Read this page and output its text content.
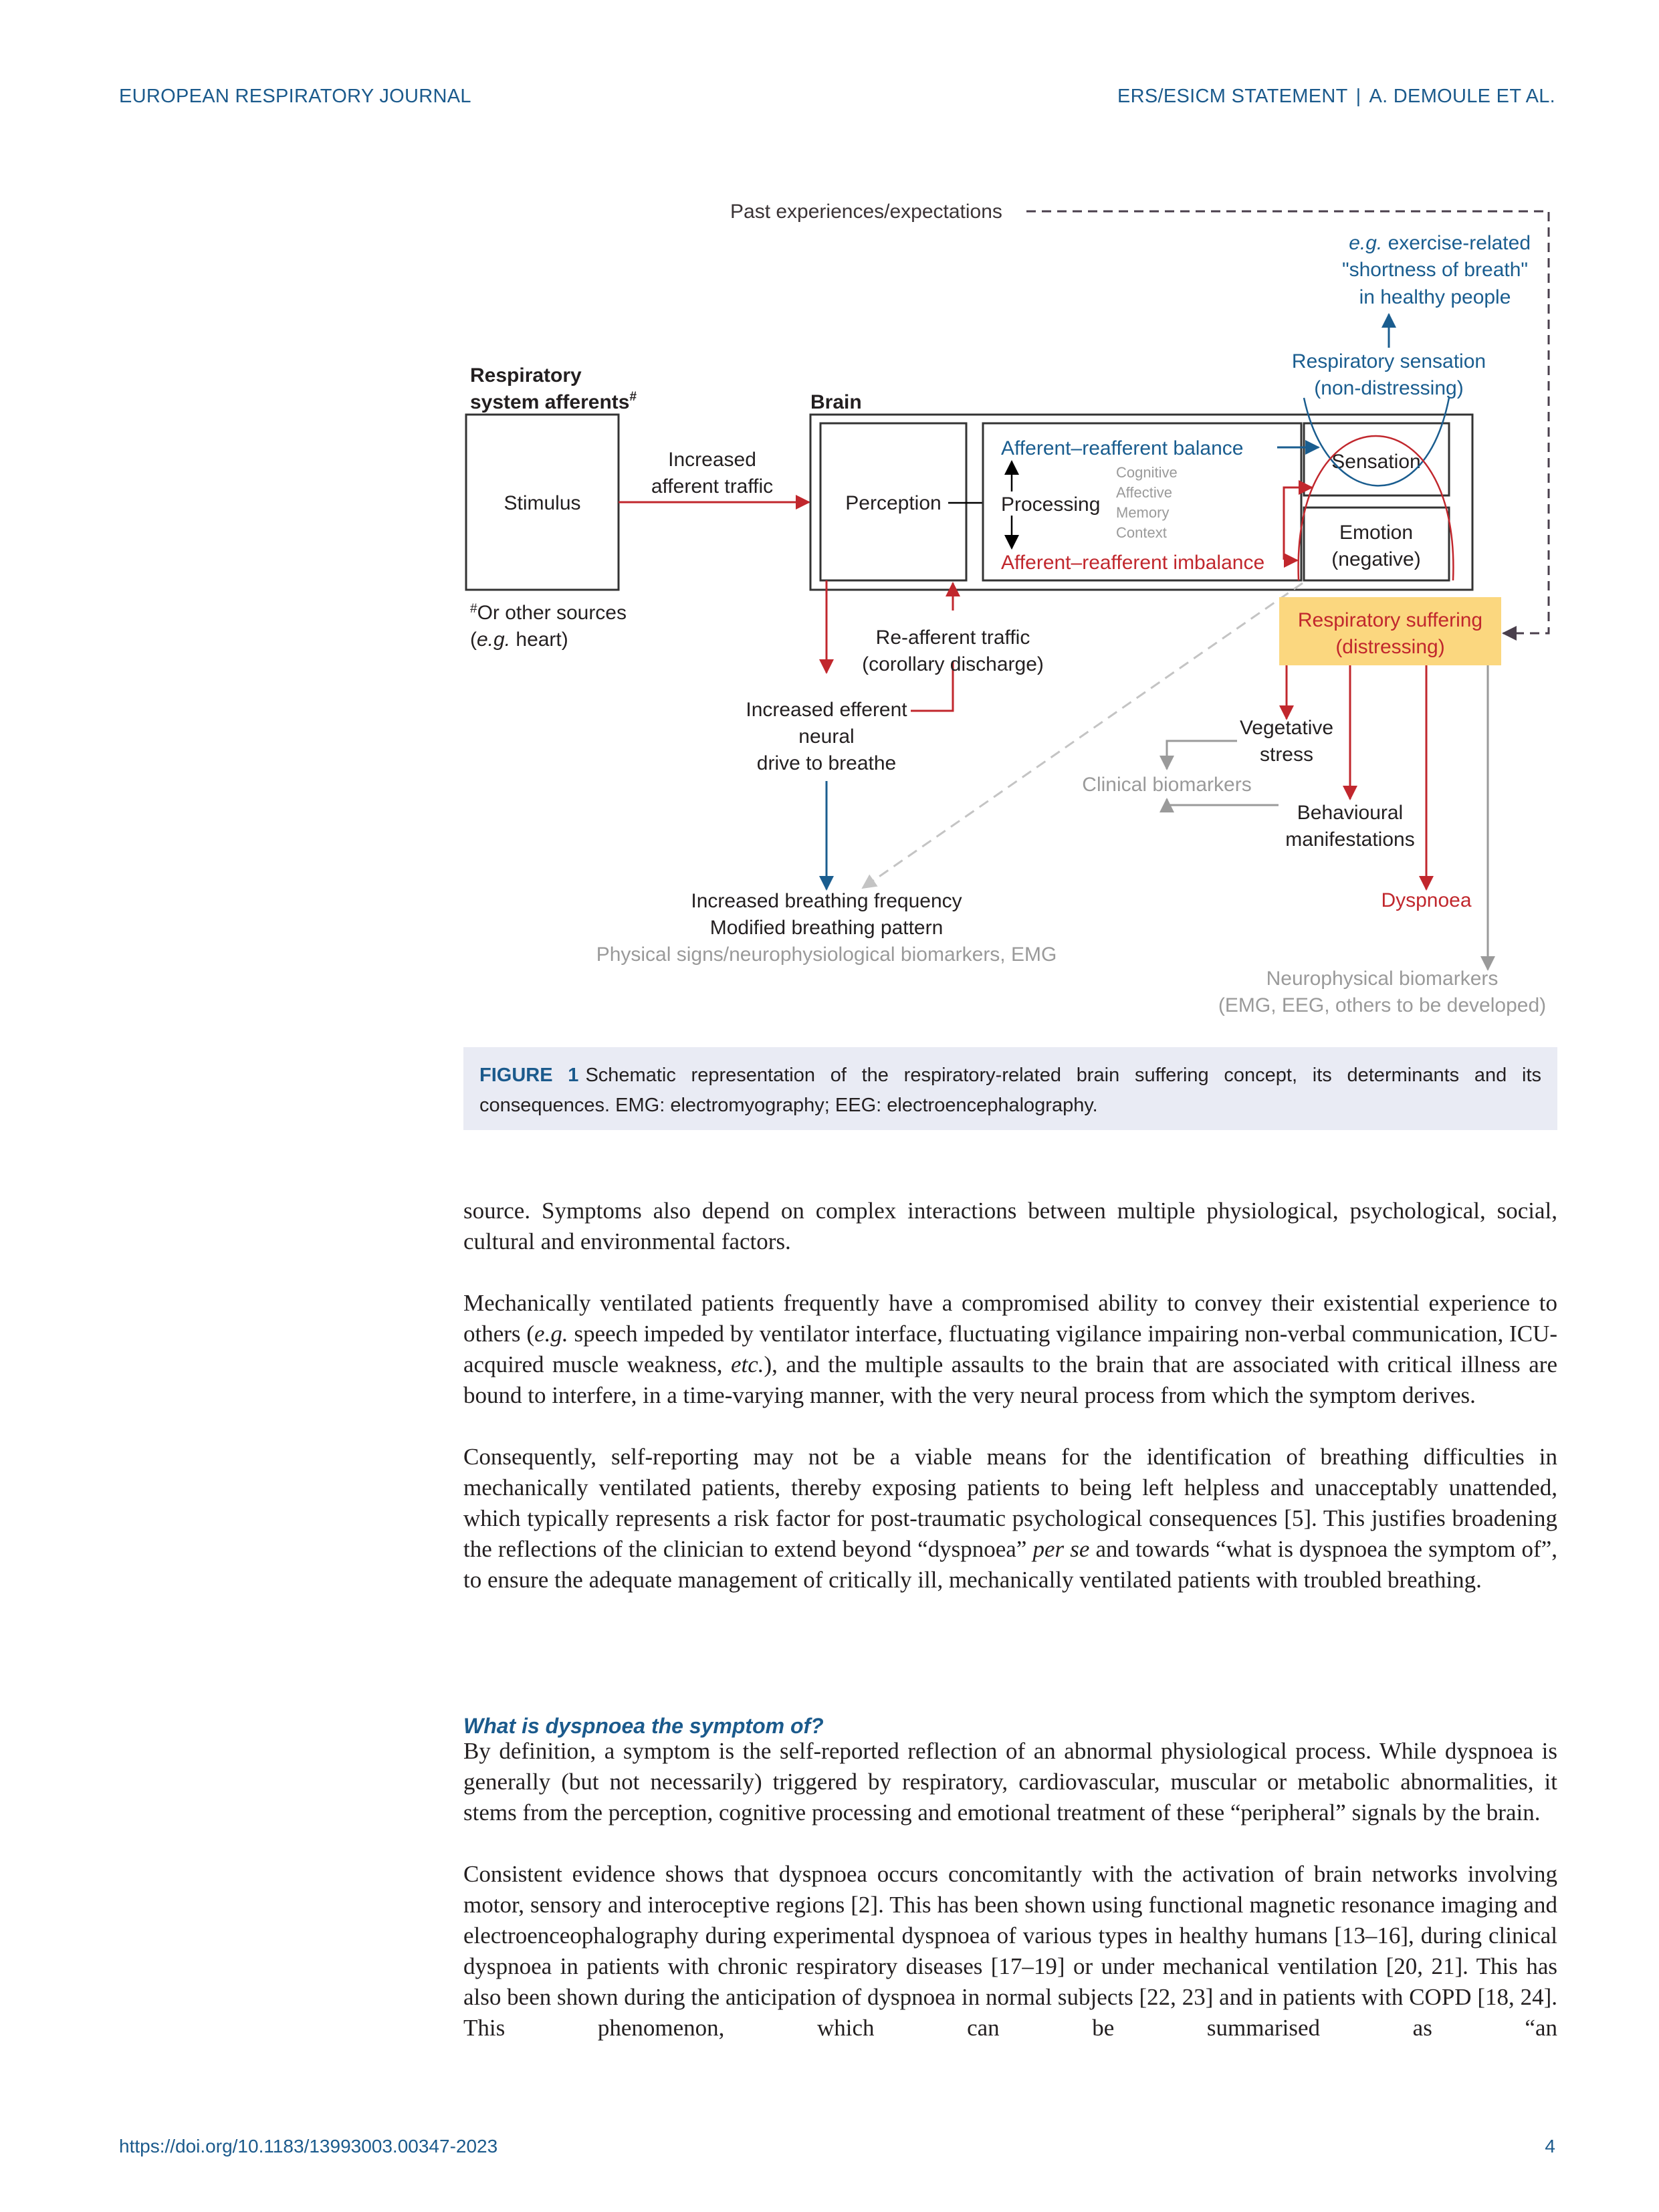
EUROPEAN RESPIRATORY JOURNAL	ERS/ESICM STATEMENT | A. DEMOULE ET AL.
Past experiences/expectations
e.g. exercise-related
"shortness of breath"
in healthy people
Respiratory sensation
(non-distressing)
Respiratory
system afferents#	Brain
Stimulus
Increased
afferent traffic
Perception
Afferent–reafferent balance
Processing
Cognitive
Affective
Memory
Context
Afferent–reafferent imbalance
Sensation
Emotion
(negative)
#Or other sources
(e.g. heart)
Increased efferent
neural
drive to breathe
Re-afferent traffic
(corollary discharge)
Increased breathing frequency
Modified breathing pattern
Physical signs/neurophysiological biomarkers, EMG
Respiratory suffering
(distressing)
Vegetative
stress
Clinical biomarkers
Behavioural
manifestations
Dyspnoea
Neurophysical biomarkers
(EMG, EEG, others to be developed)
FIGURE 1 Schematic representation of the respiratory-related brain suffering concept, its determinants and its consequences. EMG: electromyography; EEG: electroencephalography.

source. Symptoms also depend on complex interactions between multiple physiological, psychological, social, cultural and environmental factors.

Mechanically ventilated patients frequently have a compromised ability to convey their existential experience to others (e.g. speech impeded by ventilator interface, fluctuating vigilance impairing non-verbal communication, ICU-acquired muscle weakness, etc.), and the multiple assaults to the brain that are associated with critical illness are bound to interfere, in a time-varying manner, with the very neural process from which the symptom derives.

Consequently, self-reporting may not be a viable means for the identification of breathing difficulties in mechanically ventilated patients, thereby exposing patients to being left helpless and unacceptably unattended, which typically represents a risk factor for post-traumatic psychological consequences [5]. This justifies broadening the reflections of the clinician to extend beyond “dyspnoea” per se and towards “what is dyspnoea the symptom of”, to ensure the adequate management of critically ill, mechanically ventilated patients with troubled breathing.

What is dyspnoea the symptom of?

By definition, a symptom is the self-reported reflection of an abnormal physiological process. While dyspnoea is generally (but not necessarily) triggered by respiratory, cardiovascular, muscular or metabolic abnormalities, it stems from the perception, cognitive processing and emotional treatment of these “peripheral” signals by the brain.

Consistent evidence shows that dyspnoea occurs concomitantly with the activation of brain networks involving motor, sensory and interoceptive regions [2]. This has been shown using functional magnetic resonance imaging and electroenceophalography during experimental dyspnoea of various types in healthy humans [13–16], during clinical dyspnoea in patients with chronic respiratory diseases [17–19] or under mechanical ventilation [20, 21]. This has also been shown during the anticipation of dyspnoea in normal subjects [22, 23] and in patients with COPD [18, 24]. This phenomenon, which can be summarised as “an

https://doi.org/10.1183/13993003.00347-2023	4
